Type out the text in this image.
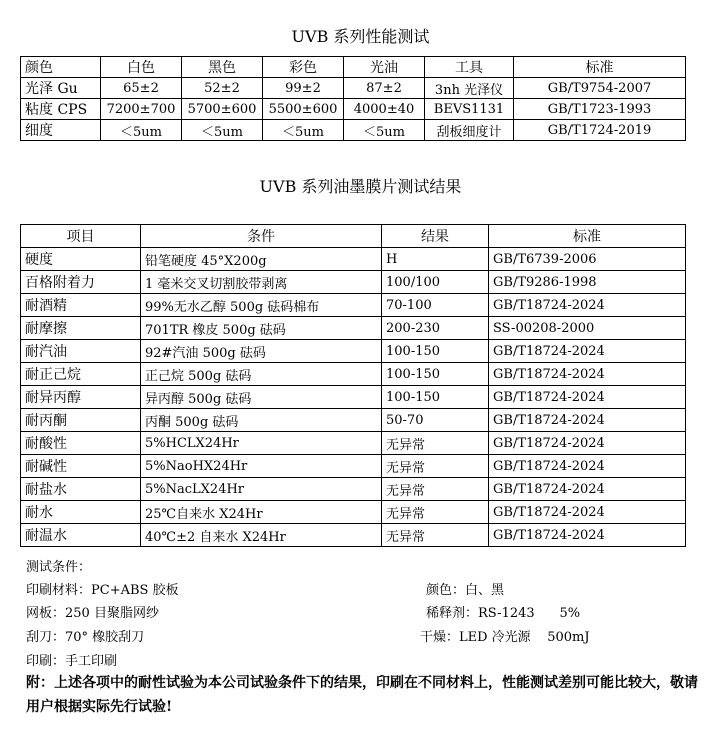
UVB 系列性能测试
颜色	白色	黑色	彩色	光油	工具	标准
光泽 Gu	65±2	52±2	99±2	87±2	3nh 光泽仪	GB/T9754-2007
粘度 CPS	7200±700	5700±600	5500±600	4000±40	BEVS1131	GB/T1723-1993
细度	＜5um	＜5um	＜5um	＜5um	刮板细度计	GB/T1724-2019
UVB 系列油墨膜片测试结果
项目	条件	结果	标准
硬度	铅笔硬度 45°X200g	H	GB/T6739-2006
百格附着力	1 毫米交叉切割胶带剥离	100/100	GB/T9286-1998
耐酒精	99%无水乙醇 500g 砝码棉布	70-100	GB/T18724-2024
耐摩擦	701TR 橡皮 500g 砝码	200-230	SS-00208-2000
耐汽油	92#汽油 500g 砝码	100-150	GB/T18724-2024
耐正己烷	正己烷 500g 砝码	100-150	GB/T18724-2024
耐异丙醇	异丙醇 500g 砝码	100-150	GB/T18724-2024
耐丙酮	丙酮 500g 砝码	50-70	GB/T18724-2024
耐酸性	5%HCLX24Hr	无异常	GB/T18724-2024
耐碱性	5%NaoHX24Hr	无异常	GB/T18724-2024
耐盐水	5%NacLX24Hr	无异常	GB/T18724-2024
耐水	25℃自来水 X24Hr	无异常	GB/T18724-2024
耐温水	40℃±2 自来水 X24Hr	无异常	GB/T18724-2024
测试条件：
印刷材料：PC+ABS 胶板	颜色：白、黑
网板：250 目聚脂网纱	稀释剂：RS-1243      5%
刮刀：70° 橡胶刮刀	干燥：LED 冷光源    500mJ
印刷：手工印刷
附：上述各项中的耐性试验为本公司试验条件下的结果，印刷在不同材料上，性能测试差别可能比较大，敬请用户根据实际先行试验!
